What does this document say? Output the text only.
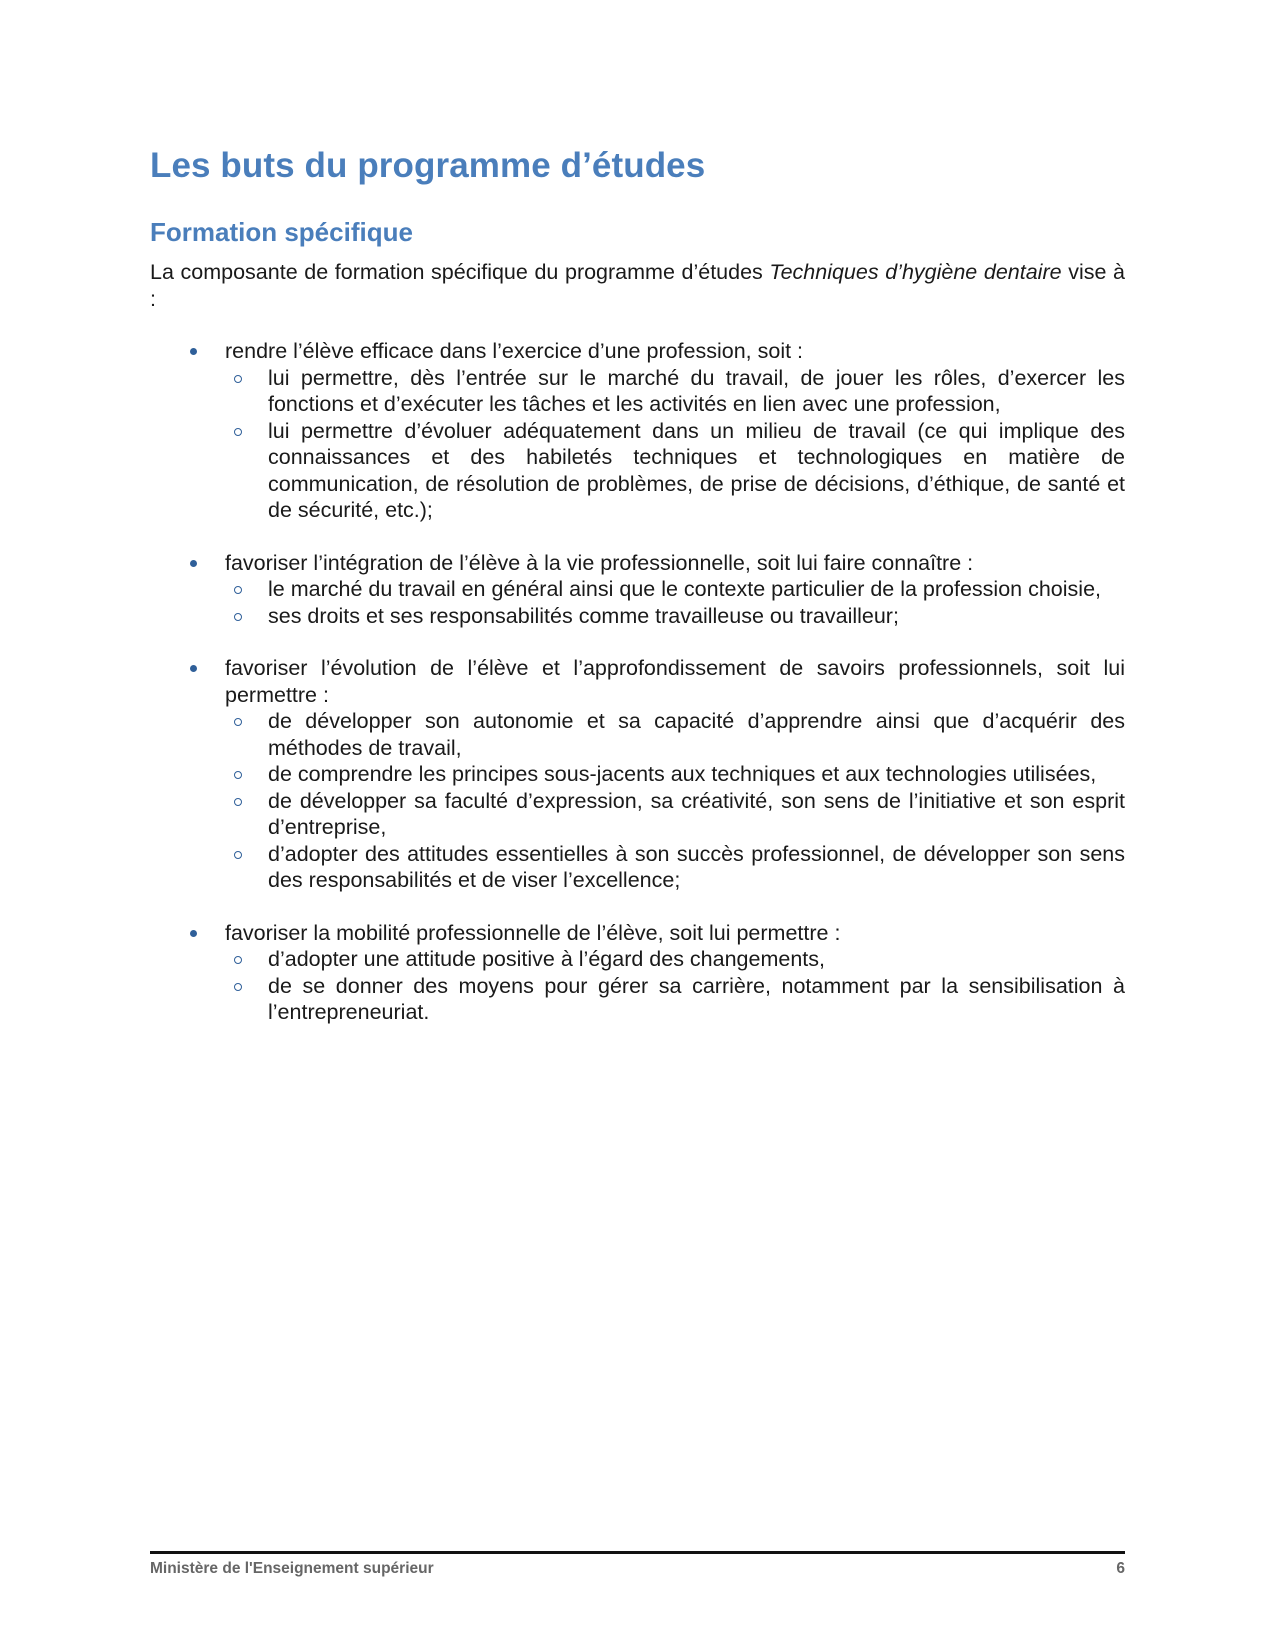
Les buts du programme d’études
Formation spécifique

La composante de formation spécifique du programme d’études Techniques d’hygiène dentaire vise à :

rendre l’élève efficace dans l’exercice d’une profession, soit :
lui permettre, dès l’entrée sur le marché du travail, de jouer les rôles, d’exercer les fonctions et d’exécuter les tâches et les activités en lien avec une profession,
lui permettre d’évoluer adéquatement dans un milieu de travail (ce qui implique des connaissances et des habiletés techniques et technologiques en matière de communication, de résolution de problèmes, de prise de décisions, d’éthique, de santé et de sécurité, etc.);
favoriser l’intégration de l’élève à la vie professionnelle, soit lui faire connaître :
le marché du travail en général ainsi que le contexte particulier de la profession choisie,
ses droits et ses responsabilités comme travailleuse ou travailleur;
favoriser l’évolution de l’élève et l’approfondissement de savoirs professionnels, soit lui permettre :
de développer son autonomie et sa capacité d’apprendre ainsi que d’acquérir des méthodes de travail,
de comprendre les principes sous-jacents aux techniques et aux technologies utilisées,
de développer sa faculté d’expression, sa créativité, son sens de l’initiative et son esprit d’entreprise,
d’adopter des attitudes essentielles à son succès professionnel, de développer son sens des responsabilités et de viser l’excellence;
favoriser la mobilité professionnelle de l’élève, soit lui permettre :
d’adopter une attitude positive à l’égard des changements,
de se donner des moyens pour gérer sa carrière, notamment par la sensibilisation à l’entrepreneuriat.
Ministère de l'Enseignement supérieur	6
